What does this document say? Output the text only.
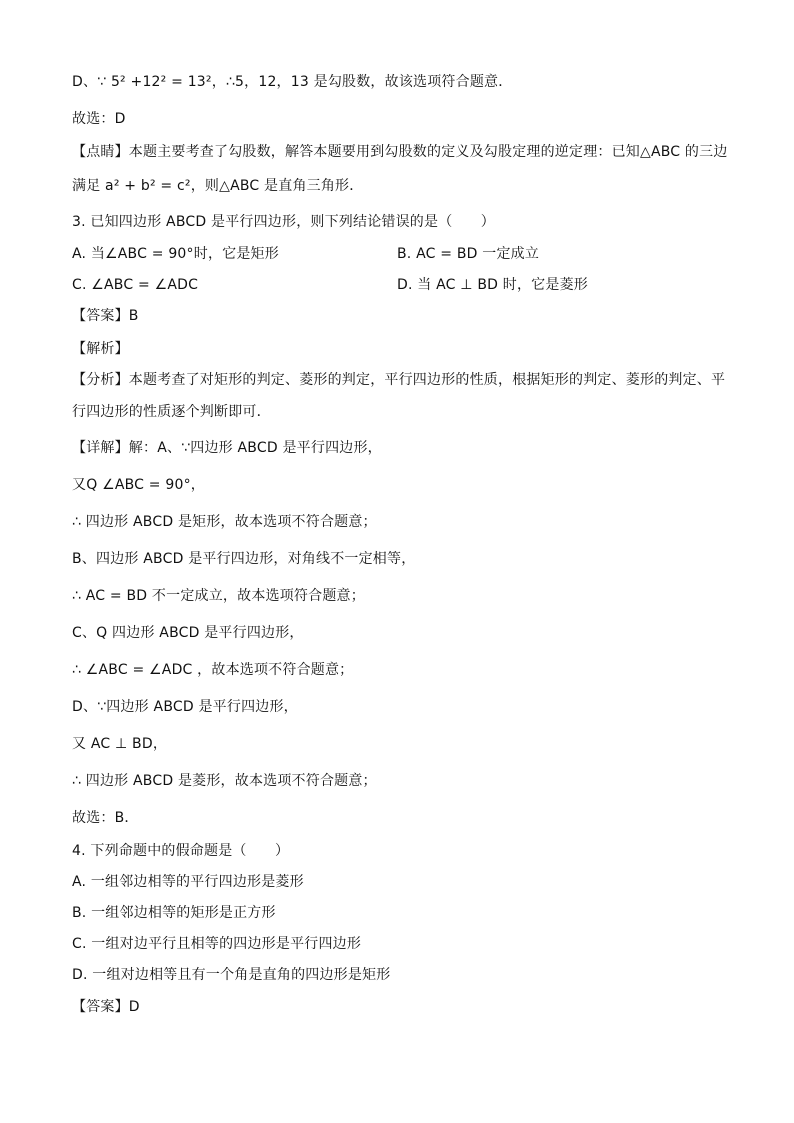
D、∵ 5² +12² = 13²，∴5，12，13 是勾股数，故该选项符合题意．
故选：D
【点睛】本题主要考查了勾股数，解答本题要用到勾股数的定义及勾股定理的逆定理：已知△ABC 的三边
满足 a² + b² = c²，则△ABC 是直角三角形．
3. 已知四边形 ABCD 是平行四边形，则下列结论错误的是（　　）
A. 当∠ABC = 90°时，它是矩形	B. AC = BD 一定成立
C. ∠ABC = ∠ADC	D. 当 AC ⊥ BD 时，它是菱形
【答案】B
【解析】
【分析】本题考查了对矩形的判定、菱形的判定，平行四边形的性质，根据矩形的判定、菱形的判定、平
行四边形的性质逐个判断即可．
【详解】解：A、∵四边形 ABCD 是平行四边形，
又Q ∠ABC = 90°，
∴ 四边形 ABCD 是矩形，故本选项不符合题意；
B、四边形 ABCD 是平行四边形，对角线不一定相等，
∴ AC = BD 不一定成立，故本选项符合题意；
C、Q 四边形 ABCD 是平行四边形，
∴ ∠ABC = ∠ADC ，故本选项不符合题意；
D、∵四边形 ABCD 是平行四边形，
又 AC ⊥ BD，
∴ 四边形 ABCD 是菱形，故本选项不符合题意；
故选：B．
4. 下列命题中的假命题是（　　）
A. 一组邻边相等的平行四边形是菱形
B. 一组邻边相等的矩形是正方形
C. 一组对边平行且相等的四边形是平行四边形
D. 一组对边相等且有一个角是直角的四边形是矩形
【答案】D
